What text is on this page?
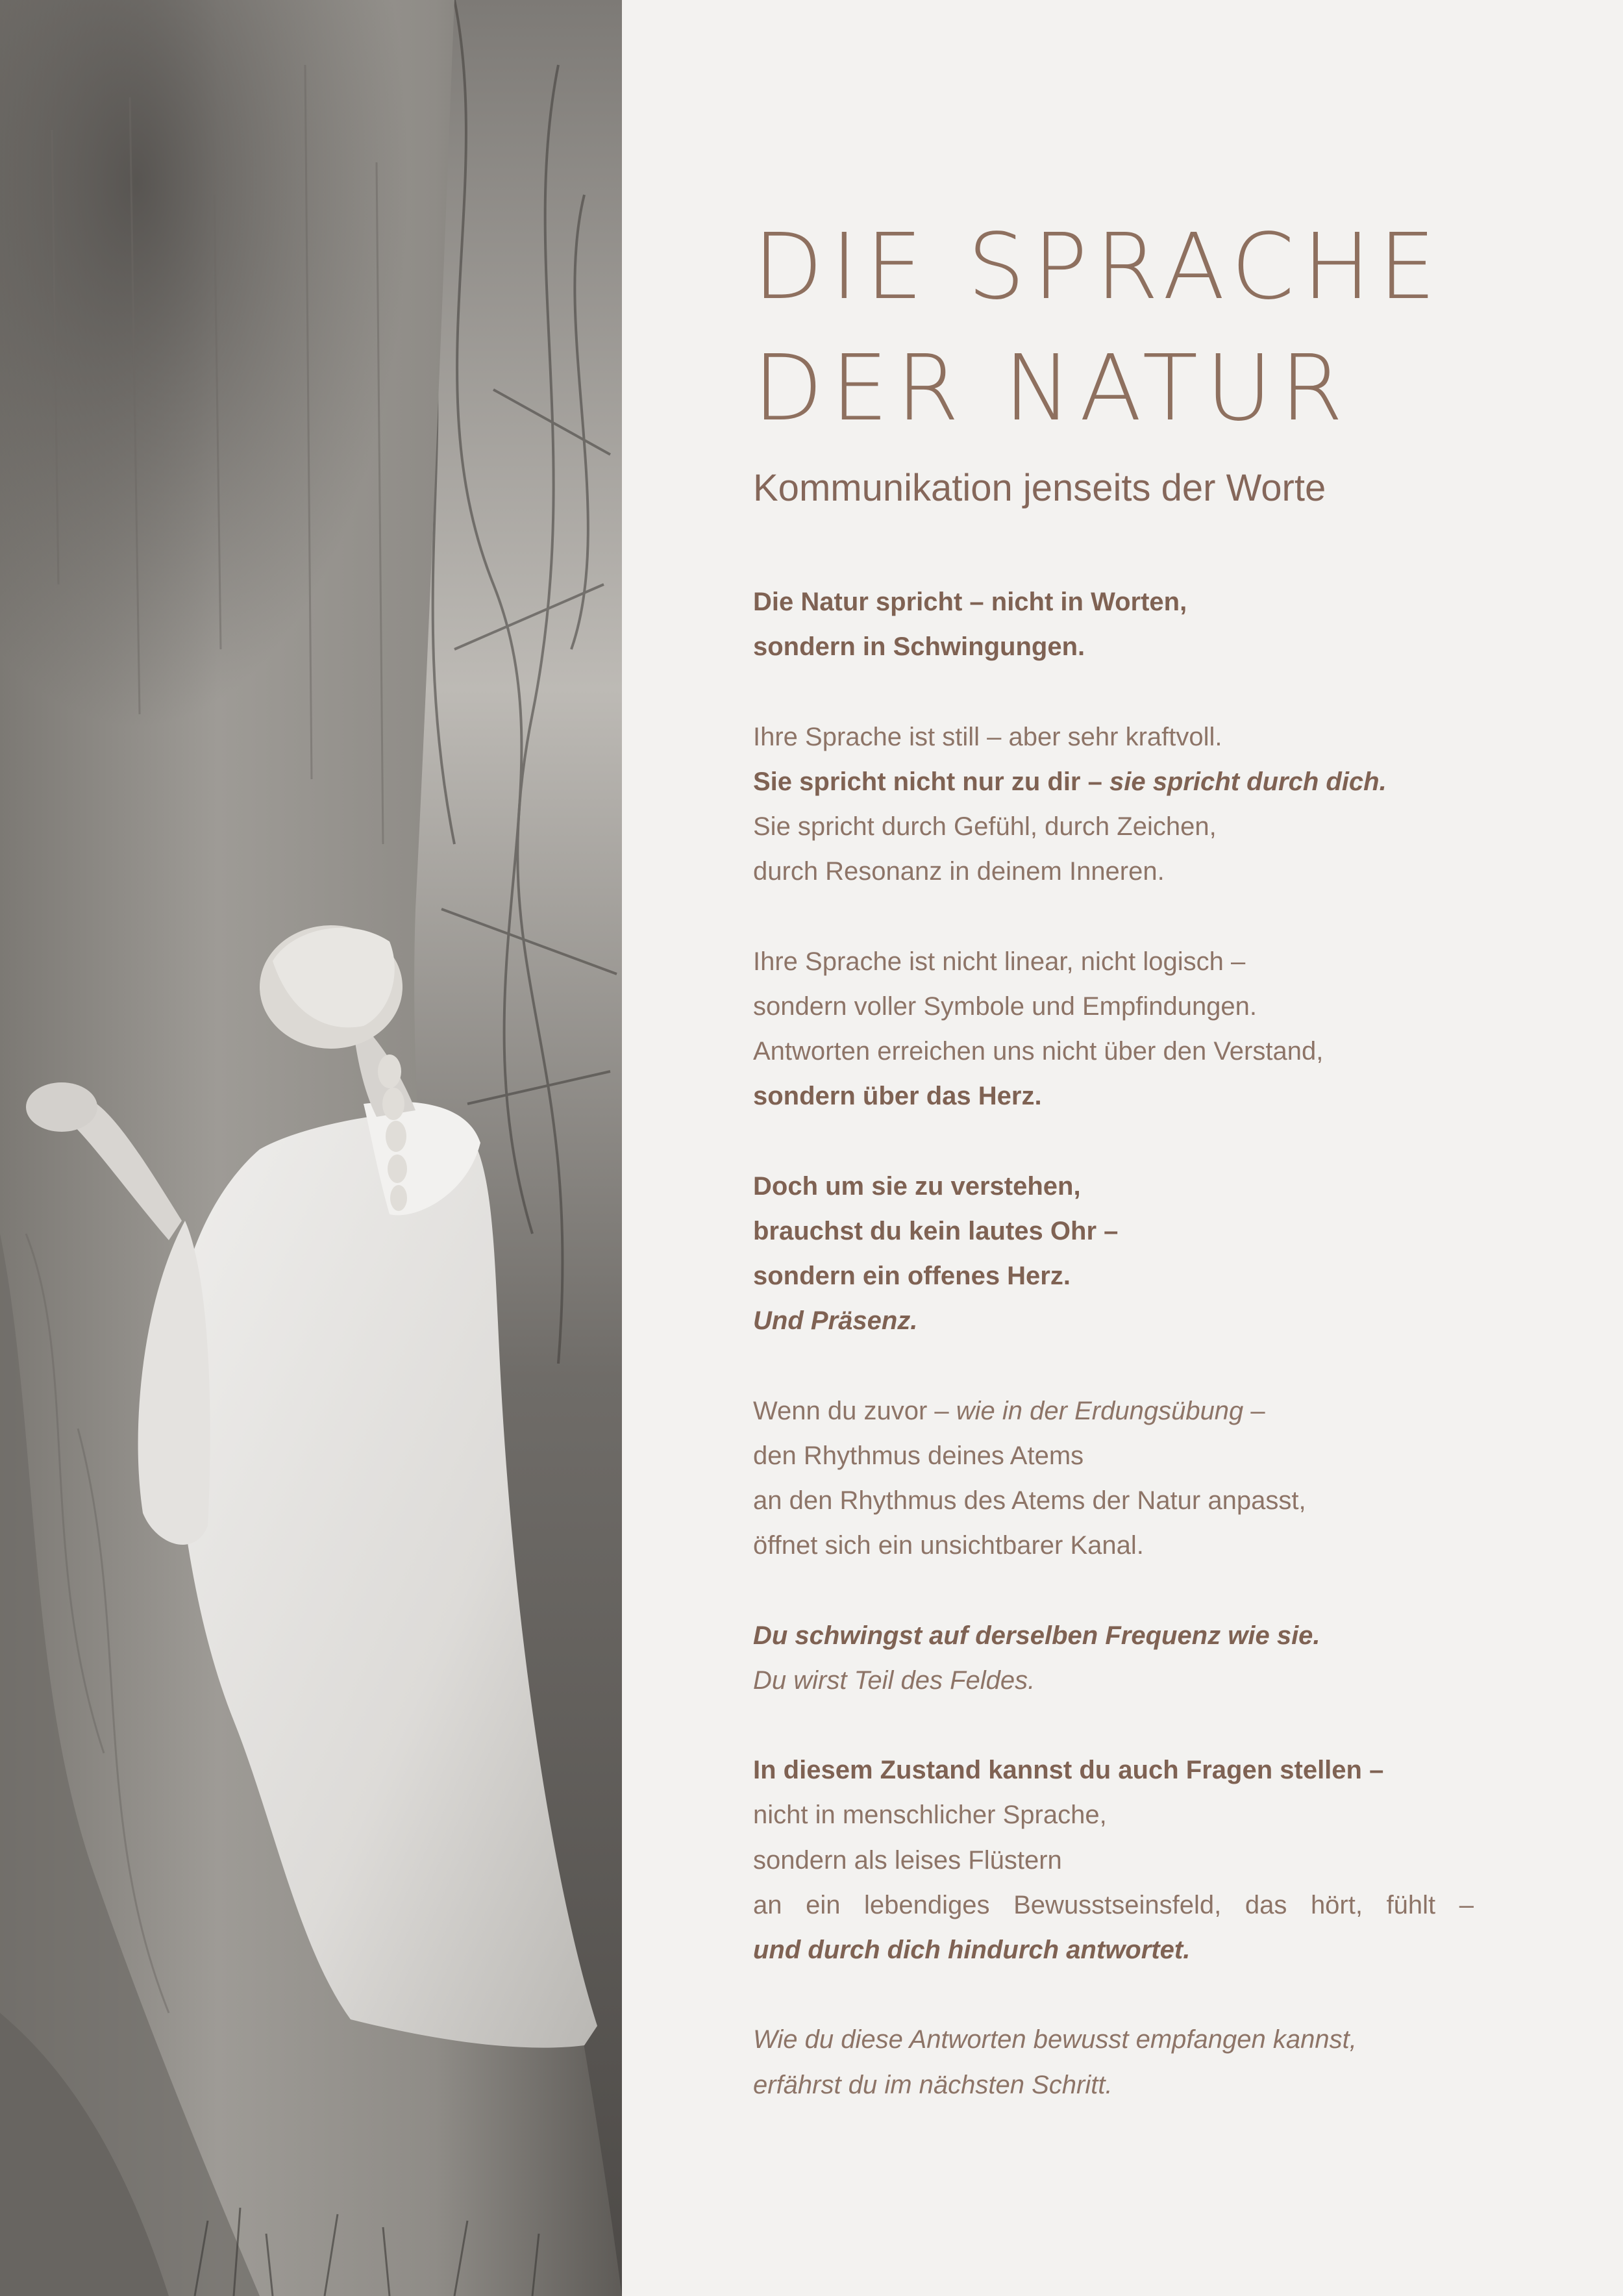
DIE SPRACHE
DER NATUR
Kommunikation jenseits der Worte

Die Natur spricht – nicht in Worten,
sondern in Schwingungen.

Ihre Sprache ist still – aber sehr kraftvoll.
Sie spricht nicht nur zu dir – sie spricht durch dich.
Sie spricht durch Gefühl, durch Zeichen,
durch Resonanz in deinem Inneren.

Ihre Sprache ist nicht linear, nicht logisch –
sondern voller Symbole und Empfindungen.
Antworten erreichen uns nicht über den Verstand,
sondern über das Herz.

Doch um sie zu verstehen,
brauchst du kein lautes Ohr –
sondern ein offenes Herz.
Und Präsenz.

Wenn du zuvor – wie in der Erdungsübung –
den Rhythmus deines Atems
an den Rhythmus des Atems der Natur anpasst,
öffnet sich ein unsichtbarer Kanal.

Du schwingst auf derselben Frequenz wie sie.
Du wirst Teil des Feldes.

In diesem Zustand kannst du auch Fragen stellen –
nicht in menschlicher Sprache,
sondern als leises Flüstern
an ein lebendiges Bewusstseinsfeld, das hört, fühlt –
und durch dich hindurch antwortet.

Wie du diese Antworten bewusst empfangen kannst,
erfährst du im nächsten Schritt.
